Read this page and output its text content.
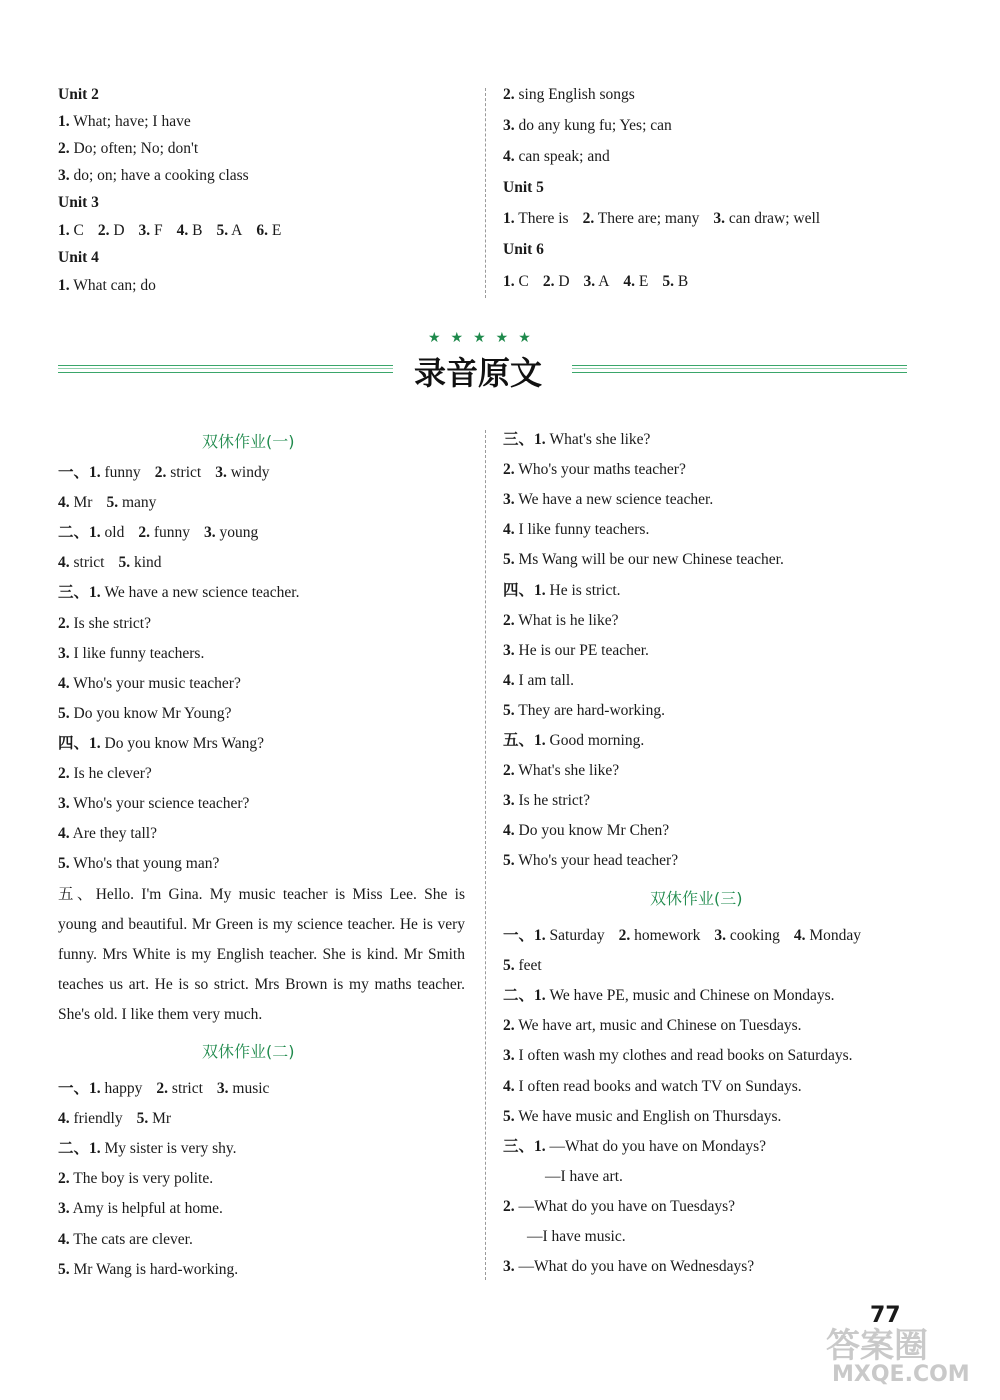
Unit 2
1. What; have; I have
2. Do; often; No; don't
3. do; on; have a cooking class
Unit 3
1. C 2. D 3. F 4. B 5. A 6. E
Unit 4
1. What can; do
2. sing English songs
3. do any kung fu; Yes; can
4. can speak; and
Unit 5
1. There is 2. There are; many 3. can draw; well
Unit 6
1. C 2. D 3. A 4. E 5. B
★★★★★
录音原文
双休作业(一)
一、1. funny 2. strict 3. windy
4. Mr 5. many
二、1. old 2. funny 3. young
4. strict 5. kind
三、1. We have a new science teacher.
2. Is she strict?
3. I like funny teachers.
4. Who's your music teacher?
5. Do you know Mr Young?
四、1. Do you know Mrs Wang?
2. Is he clever?
3. Who's your science teacher?
4. Are they tall?
5. Who's that young man?
五、Hello. I'm Gina. My music teacher is Miss Lee. She is young and beautiful. Mr Green is my science teacher. He is very funny. Mrs White is my English teacher. She is kind. Mr Smith teaches us art. He is so strict. Mrs Brown is my maths teacher. She's old. I like them very much.
双休作业(二)
一、1. happy 2. strict 3. music
4. friendly 5. Mr
二、1. My sister is very shy.
2. The boy is very polite.
3. Amy is helpful at home.
4. The cats are clever.
5. Mr Wang is hard-working.
三、1. What's she like?
2. Who's your maths teacher?
3. We have a new science teacher.
4. I like funny teachers.
5. Ms Wang will be our new Chinese teacher.
四、1. He is strict.
2. What is he like?
3. He is our PE teacher.
4. I am tall.
5. They are hard-working.
五、1. Good morning.
2. What's she like?
3. Is he strict?
4. Do you know Mr Chen?
5. Who's your head teacher?
双休作业(三)
一、1. Saturday 2. homework 3. cooking 4. Monday
5. feet
二、1. We have PE, music and Chinese on Mondays.
2. We have art, music and Chinese on Tuesdays.
3. I often wash my clothes and read books on Saturdays.
4. I often read books and watch TV on Sundays.
5. We have music and English on Thursdays.
三、1. —What do you have on Mondays?
—I have art.
2. —What do you have on Tuesdays?
—I have music.
3. —What do you have on Wednesdays?
77
答案圈
MXQE.COM
